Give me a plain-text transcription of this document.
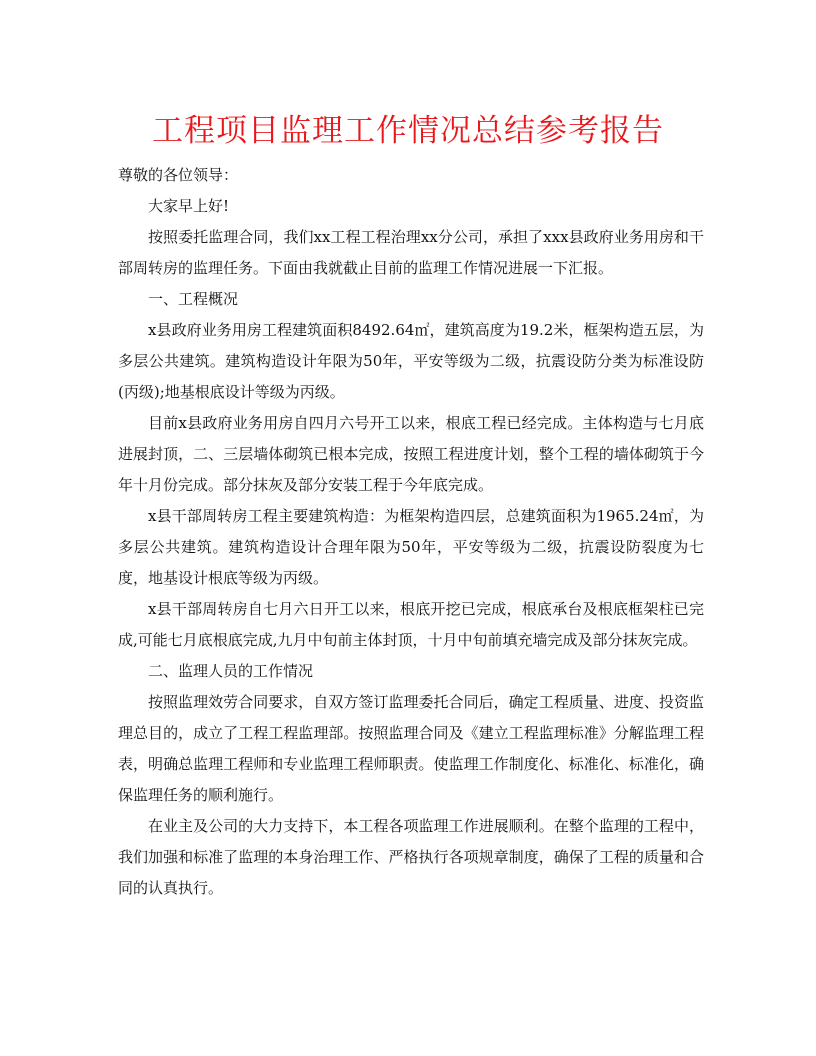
工程项目监理工作情况总结参考报告

尊敬的各位领导：

大家早上好!

按照委托监理合同，我们xx工程工程治理xx分公司，承担了xxx县政府业务用房和干部周转房的监理任务。下面由我就截止目前的监理工作情况进展一下汇报。

一、工程概况

x县政府业务用房工程建筑面积8492.64㎡，建筑高度为19.2米，框架构造五层，为多层公共建筑。建筑构造设计年限为50年，平安等级为二级，抗震设防分类为标准设防(丙级);地基根底设计等级为丙级。

目前x县政府业务用房自四月六号开工以来，根底工程已经完成。主体构造与七月底进展封顶，二、三层墙体砌筑已根本完成，按照工程进度计划，整个工程的墙体砌筑于今年十月份完成。部分抹灰及部分安装工程于今年底完成。

x县干部周转房工程主要建筑构造：为框架构造四层，总建筑面积为1965.24㎡，为多层公共建筑。建筑构造设计合理年限为50年，平安等级为二级，抗震设防裂度为七度，地基设计根底等级为丙级。

x县干部周转房自七月六日开工以来，根底开挖已完成，根底承台及根底框架柱已完成,可能七月底根底完成,九月中旬前主体封顶，十月中旬前填充墙完成及部分抹灰完成。

二、监理人员的工作情况

按照监理效劳合同要求，自双方签订监理委托合同后，确定工程质量、进度、投资监理总目的，成立了工程工程监理部。按照监理合同及《建立工程监理标准》分解监理工程表，明确总监理工程师和专业监理工程师职责。使监理工作制度化、标准化、标准化，确保监理任务的顺利施行。

在业主及公司的大力支持下，本工程各项监理工作进展顺利。在整个监理的工程中，我们加强和标准了监理的本身治理工作、严格执行各项规章制度，确保了工程的质量和合同的认真执行。
